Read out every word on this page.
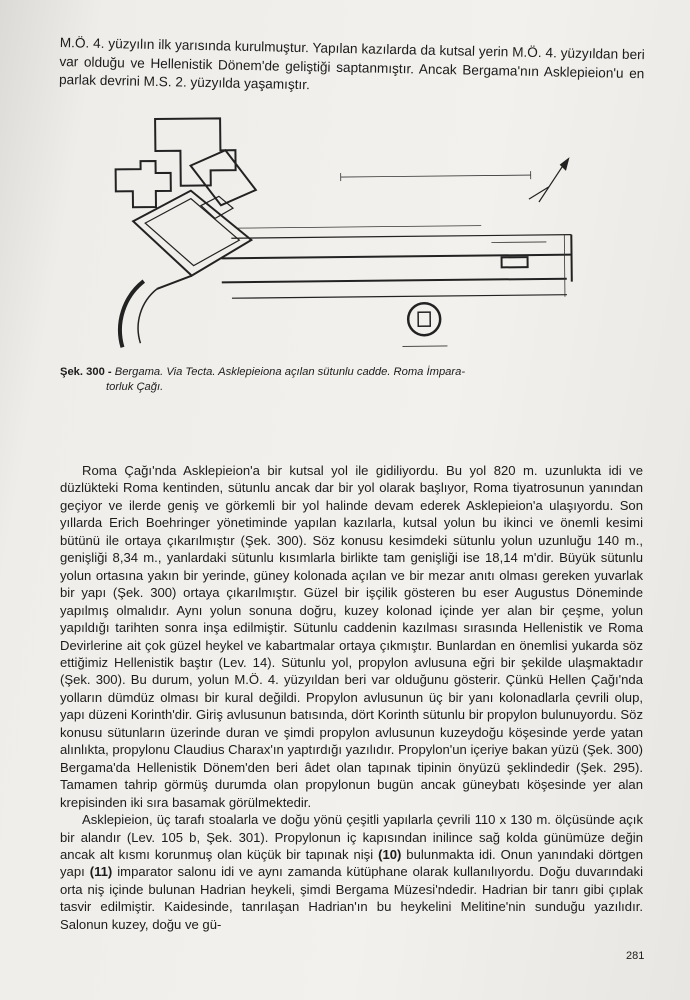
M.Ö. 4. yüzyılın ilk yarısında kurulmuştur. Yapılan kazılarda da kutsal yerin M.Ö. 4. yüzyıldan beri var olduğu ve Hellenistik Dönem'de geliştiği saptanmıştır. Ancak Bergama'nın Asklepieion'u en parlak devrini M.S. 2. yüzyılda yaşamıştır.

Şek. 300 - Bergama. Via Tecta. Asklepieiona açılan sütunlu cadde. Roma İmpara-
torluk Çağı.

Roma Çağı'nda Asklepieion'a bir kutsal yol ile gidiliyordu. Bu yol 820 m. uzunlukta idi ve düzlükteki Roma kentinden, sütunlu ancak dar bir yol olarak başlıyor, Roma tiyatrosunun yanından geçiyor ve ilerde geniş ve görkemli bir yol halinde devam ederek Asklepieion'a ulaşıyordu. Son yıllarda Erich Boehringer yönetiminde yapılan kazılarla, kutsal yolun bu ikinci ve önemli kesimi bütünü ile ortaya çıkarılmıştır (Şek. 300). Söz konusu kesimdeki sütunlu yolun uzunluğu 140 m., genişliği 8,34 m., yanlardaki sütunlu kısımlarla birlikte tam genişliği ise 18,14 m'dir. Büyük sütunlu yolun ortasına yakın bir yerinde, güney kolonada açılan ve bir mezar anıtı olması gereken yuvarlak bir yapı (Şek. 300) ortaya çıkarılmıştır. Güzel bir işçilik gösteren bu eser Augustus Döneminde yapılmış olmalıdır. Aynı yolun sonuna doğru, kuzey kolonad içinde yer alan bir çeşme, yolun yapıldığı tarihten sonra inşa edilmiştir. Sütunlu caddenin kazılması sırasında Hellenistik ve Roma Devirlerine ait çok güzel heykel ve kabartmalar ortaya çıkmıştır. Bunlardan en önemlisi yukarda söz ettiğimiz Hellenistik baştır (Lev. 14). Sütunlu yol, propylon avlusuna eğri bir şekilde ulaşmaktadır (Şek. 300). Bu durum, yolun M.Ö. 4. yüzyıldan beri var olduğunu gösterir. Çünkü Hellen Çağı'nda yolların dümdüz olması bir kural değildi. Propylon avlusunun üç bir yanı kolonadlarla çevrili olup, yapı düzeni Korinth'dir. Giriş avlusunun batısında, dört Korinth sütunlu bir propylon bulunuyordu. Söz konusu sütunların üzerinde duran ve şimdi propylon avlusunun kuzeydoğu köşesinde yerde yatan alınlıkta, propylonu Claudius Charax'ın yaptırdığı yazılıdır. Propylon'un içeriye bakan yüzü (Şek. 300) Bergama'da Hellenistik Dönem'den beri âdet olan tapınak tipinin önyüzü şeklindedir (Şek. 295). Tamamen tahrip görmüş durumda olan propylonun bugün ancak güneybatı köşesinde yer alan krepisinden iki sıra basamak görülmektedir.

Asklepieion, üç tarafı stoalarla ve doğu yönü çeşitli yapılarla çevrili 110 x 130 m. ölçüsünde açık bir alandır (Lev. 105 b, Şek. 301). Propylonun iç kapısından inilince sağ kolda günümüze değin ancak alt kısmı korunmuş olan küçük bir tapınak nişi (10) bulunmakta idi. Onun yanındaki dörtgen yapı (11) imparator salonu idi ve aynı zamanda kütüphane olarak kullanılıyordu. Doğu duvarındaki orta niş içinde bulunan Hadrian heykeli, şimdi Bergama Müzesi'ndedir. Hadrian bir tanrı gibi çıplak tasvir edilmiştir. Kaidesinde, tanrılaşan Hadrian'ın bu heykelini Melitine'nin sunduğu yazılıdır. Salonun kuzey, doğu ve gü-

281
